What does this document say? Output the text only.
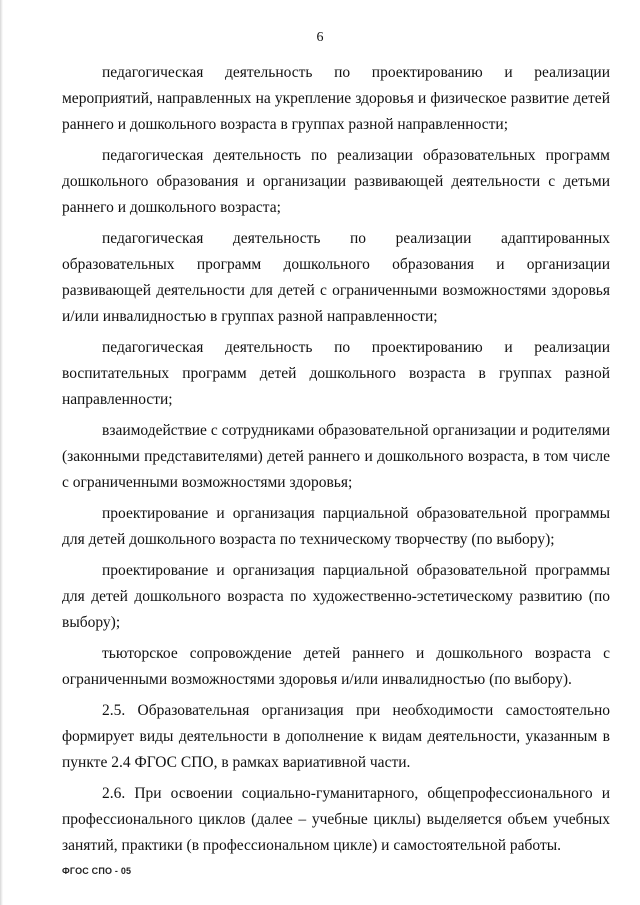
6

педагогическая деятельность по проектированию и реализации мероприятий, направленных на укрепление здоровья и физическое развитие детей раннего и дошкольного возраста в группах разной направленности;

педагогическая деятельность по реализации образовательных программ дошкольного образования и организации развивающей деятельности с детьми раннего и дошкольного возраста;

педагогическая деятельность по реализации адаптированных образовательных программ дошкольного образования и организации развивающей деятельности для детей с ограниченными возможностями здоровья и/или инвалидностью в группах разной направленности;

педагогическая деятельность по проектированию и реализации воспитательных программ детей дошкольного возраста в группах разной направленности;

взаимодействие с сотрудниками образовательной организации и родителями (законными представителями) детей раннего и дошкольного возраста, в том числе с ограниченными возможностями здоровья;

проектирование и организация парциальной образовательной программы для детей дошкольного возраста по техническому творчеству (по выбору);

проектирование и организация парциальной образовательной программы для детей дошкольного возраста по художественно-эстетическому развитию (по выбору);

тьюторское сопровождение детей раннего и дошкольного возраста с ограниченными возможностями здоровья и/или инвалидностью (по выбору).

2.5. Образовательная организация при необходимости самостоятельно формирует виды деятельности в дополнение к видам деятельности, указанным в пункте 2.4 ФГОС СПО, в рамках вариативной части.

2.6. При освоении социально-гуманитарного, общепрофессионального и профессионального циклов (далее – учебные циклы) выделяется объем учебных занятий, практики (в профессиональном цикле) и самостоятельной работы.

ФГОС СПО - 05
